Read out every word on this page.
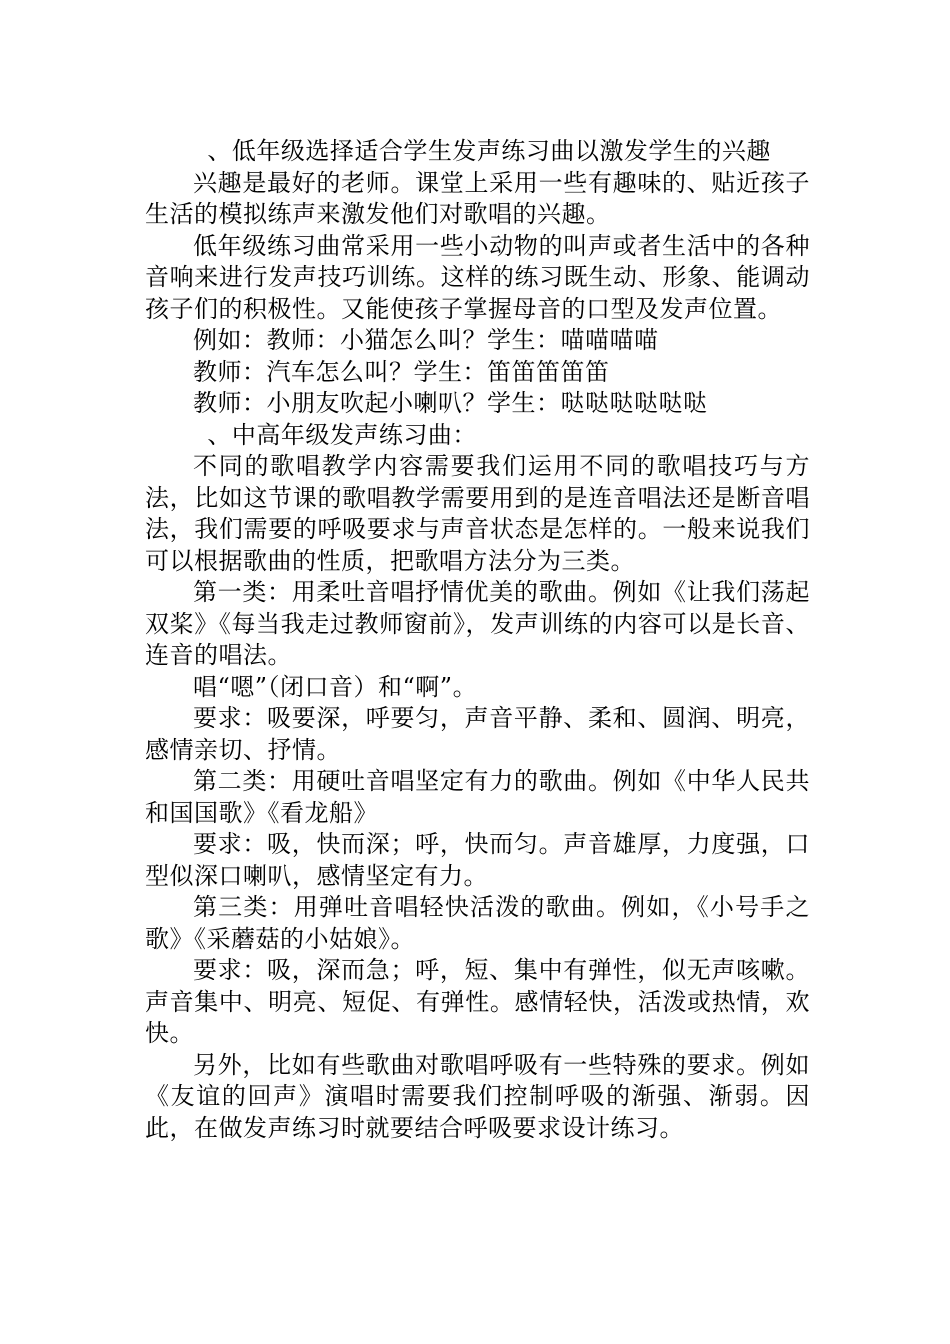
、低年级选择适合学生发声练习曲以激发学生的兴趣

兴趣是最好的老师。课堂上采用一些有趣味的、贴近孩子生活的模拟练声来激发他们对歌唱的兴趣。

低年级练习曲常采用一些小动物的叫声或者生活中的各种音响来进行发声技巧训练。这样的练习既生动、形象、能调动孩子们的积极性。又能使孩子掌握母音的口型及发声位置。

例如：教师：小猫怎么叫？学生：喵喵喵喵

教师：汽车怎么叫？学生：笛笛笛笛笛

教师：小朋友吹起小喇叭？学生：哒哒哒哒哒哒

、中高年级发声练习曲：

不同的歌唱教学内容需要我们运用不同的歌唱技巧与方法，比如这节课的歌唱教学需要用到的是连音唱法还是断音唱法，我们需要的呼吸要求与声音状态是怎样的。一般来说我们可以根据歌曲的性质，把歌唱方法分为三类。

第一类：用柔吐音唱抒情优美的歌曲。例如《让我们荡起双桨》《每当我走过教师窗前》，发声训练的内容可以是长音、连音的唱法。

唱“嗯”（闭口音）和“啊”。

要求：吸要深，呼要匀，声音平静、柔和、圆润、明亮，感情亲切、抒情。

第二类：用硬吐音唱坚定有力的歌曲。例如《中华人民共和国国歌》《看龙船》

要求：吸，快而深；呼，快而匀。声音雄厚，力度强，口型似深口喇叭，感情坚定有力。

第三类：用弹吐音唱轻快活泼的歌曲。例如，《小号手之歌》《采蘑菇的小姑娘》。

要求：吸，深而急；呼，短、集中有弹性，似无声咳嗽。声音集中、明亮、短促、有弹性。感情轻快，活泼或热情，欢快。

另外，比如有些歌曲对歌唱呼吸有一些特殊的要求。例如《友谊的回声》演唱时需要我们控制呼吸的渐强、渐弱。因此，在做发声练习时就要结合呼吸要求设计练习。
